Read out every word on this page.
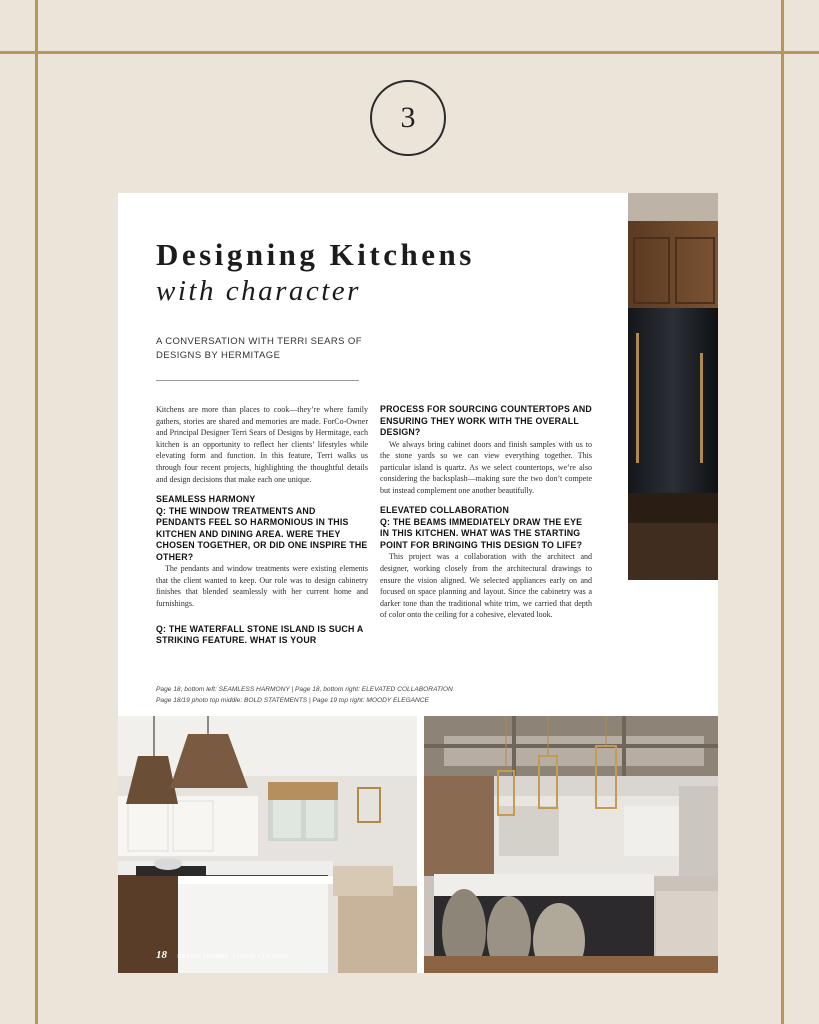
3
Designing Kitchens
with character
A CONVERSATION WITH TERRI SEARS OF DESIGNS BY HERMITAGE

Kitchens are more than places to cook—they’re where family gathers, stories are shared and memories are made. ForCo-Owner and Principal Designer Terri Sears of Designs by Hermitage, each kitchen is an opportunity to reflect her clients’ lifestyles while elevating form and function. In this feature, Terri walks us through four recent projects, highlighting the thoughtful details and design decisions that make each one unique.

SEAMLESS HARMONY
Q: THE WINDOW TREATMENTS AND PENDANTS FEEL SO HARMONIOUS IN THIS KITCHEN AND DINING AREA. WERE THEY CHOSEN TOGETHER, OR DID ONE INSPIRE THE OTHER?

The pendants and window treatments were existing elements that the client wanted to keep. Our role was to design cabinetry finishes that blended seamlessly with her current home and furnishings.

Q: THE WATERFALL STONE ISLAND IS SUCH A STRIKING FEATURE. WHAT IS YOUR
PROCESS FOR SOURCING COUNTERTOPS AND ENSURING THEY WORK WITH THE OVERALL DESIGN?

We always bring cabinet doors and finish samples with us to the stone yards so we can view everything together. This particular island is quartz. As we select countertops, we’re also considering the backsplash—making sure the two don’t compete but instead complement one another beautifully.

ELEVATED COLLABORATION
Q: THE BEAMS IMMEDIATELY DRAW THE EYE IN THIS KITCHEN. WHAT WAS THE STARTING POINT FOR BRINGING THIS DESIGN TO LIFE?

This project was a collaboration with the architect and designer, working closely from the architectural drawings to ensure the vision aligned. We selected appliances early on and focused on space planning and layout. Since the cabinetry was a darker tone than the traditional white trim, we carried that depth of color onto the ceiling for a cohesive, elevated look.

Page 18, bottom left: SEAMLESS HARMONY | Page 18, bottom right: ELEVATED COLLABORATION
Page 18/19 photo top middle: BOLD STATEMENTS | Page 19 top right: MOODY ELEGANCE
18 DECOR TRENDS | HOME • DESIGN
